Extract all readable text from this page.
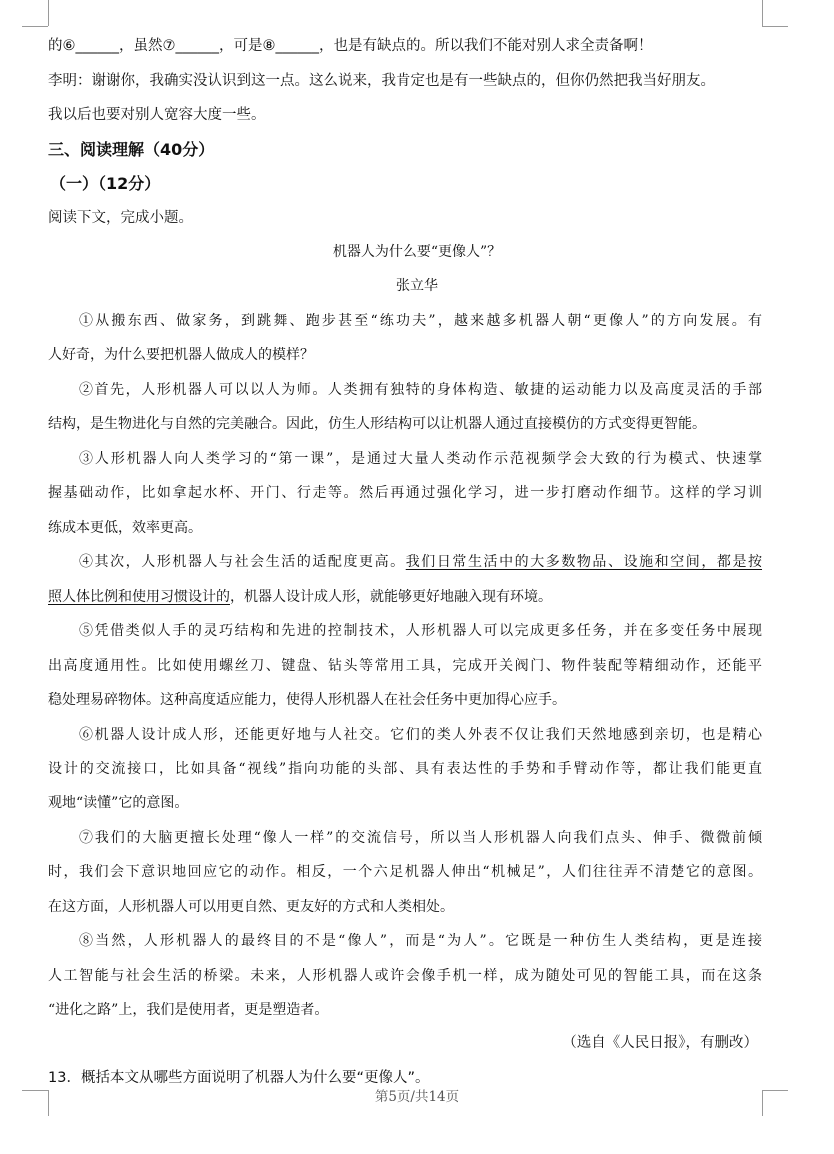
的⑥______，虽然⑦______，可是⑧______，也是有缺点的。所以我们不能对别人求全责备啊！
李明：谢谢你，我确实没认识到这一点。这么说来，我肯定也是有一些缺点的，但你仍然把我当好朋友。
我以后也要对别人宽容大度一些。
三、阅读理解（40分）
（一）（12分）
阅读下文，完成小题。
机器人为什么要“更像人”？
张立华
①从搬东西、做家务，到跳舞、跑步甚至“练功夫”，越来越多机器人朝“更像人”的方向发展。有
人好奇，为什么要把机器人做成人的模样？
②首先，人形机器人可以以人为师。人类拥有独特的身体构造、敏捷的运动能力以及高度灵活的手部
结构，是生物进化与自然的完美融合。因此，仿生人形结构可以让机器人通过直接模仿的方式变得更智能。
③人形机器人向人类学习的“第一课”，是通过大量人类动作示范视频学会大致的行为模式、快速掌
握基础动作，比如拿起水杯、开门、行走等。然后再通过强化学习，进一步打磨动作细节。这样的学习训
练成本更低，效率更高。
④其次，人形机器人与社会生活的适配度更高。我们日常生活中的大多数物品、设施和空间，都是按
照人体比例和使用习惯设计的，机器人设计成人形，就能够更好地融入现有环境。
⑤凭借类似人手的灵巧结构和先进的控制技术，人形机器人可以完成更多任务，并在多变任务中展现
出高度通用性。比如使用螺丝刀、键盘、钻头等常用工具，完成开关阀门、物件装配等精细动作，还能平
稳处理易碎物体。这种高度适应能力，使得人形机器人在社会任务中更加得心应手。
⑥机器人设计成人形，还能更好地与人社交。它们的类人外表不仅让我们天然地感到亲切，也是精心
设计的交流接口，比如具备“视线”指向功能的头部、具有表达性的手势和手臂动作等，都让我们能更直
观地“读懂”它的意图。
⑦我们的大脑更擅长处理“像人一样”的交流信号，所以当人形机器人向我们点头、伸手、微微前倾
时，我们会下意识地回应它的动作。相反，一个六足机器人伸出“机械足”，人们往往弄不清楚它的意图。
在这方面，人形机器人可以用更自然、更友好的方式和人类相处。
⑧当然，人形机器人的最终目的不是“像人”，而是“为人”。它既是一种仿生人类结构，更是连接
人工智能与社会生活的桥梁。未来，人形机器人或许会像手机一样，成为随处可见的智能工具，而在这条
“进化之路”上，我们是使用者，更是塑造者。
（选自《人民日报》，有删改）
13．概括本文从哪些方面说明了机器人为什么要“更像人”。
第5页/共14页
